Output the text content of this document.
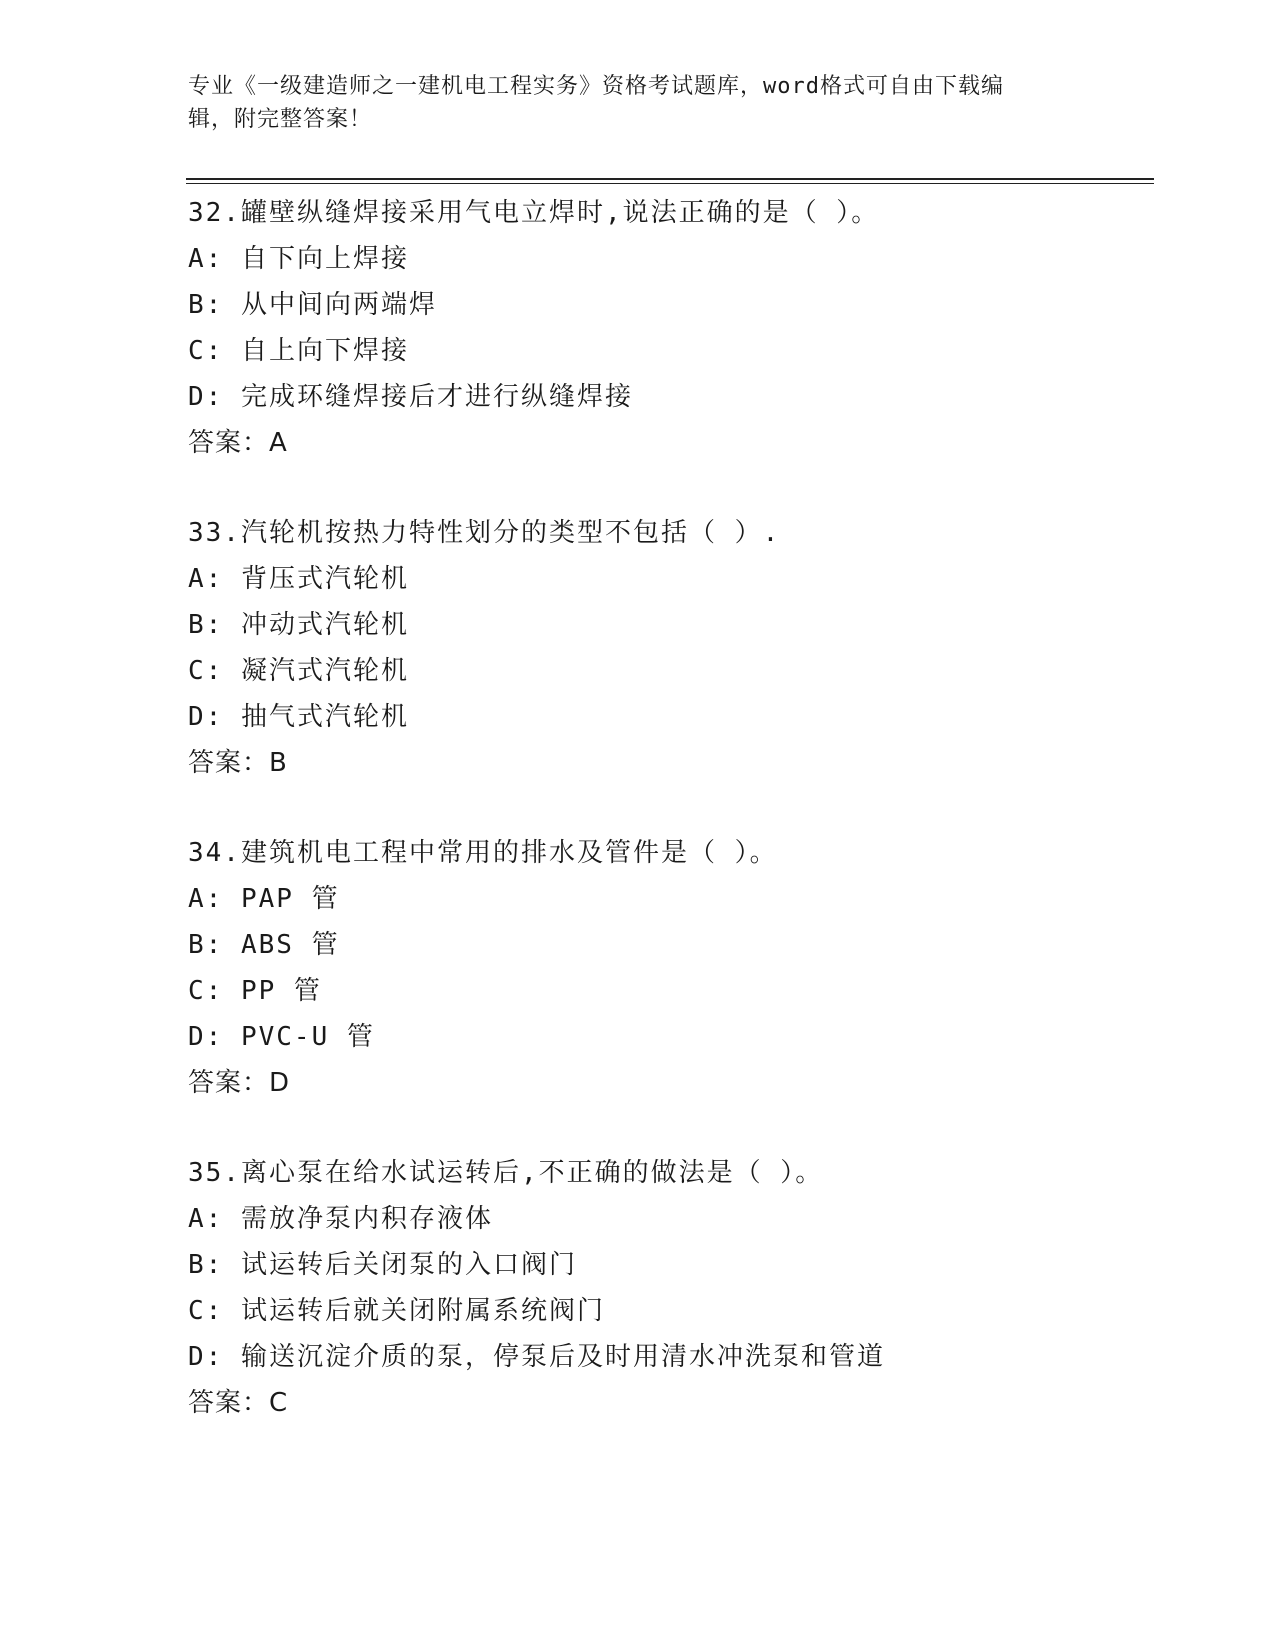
专业《一级建造师之一建机电工程实务》资格考试题库，word格式可自由下载编
辑，附完整答案！
32.罐壁纵缝焊接采用气电立焊时,说法正确的是（ ）。
A: 自下向上焊接
B: 从中间向两端焊
C: 自上向下焊接
D: 完成环缝焊接后才进行纵缝焊接
答案：A
33.汽轮机按热力特性划分的类型不包括（ ）.
A: 背压式汽轮机
B: 冲动式汽轮机
C: 凝汽式汽轮机
D: 抽气式汽轮机
答案：B
34.建筑机电工程中常用的排水及管件是（ ）。
A: PAP 管
B: ABS 管
C: PP 管
D: PVC-U 管
答案：D
35.离心泵在给水试运转后,不正确的做法是（ ）。
A: 需放净泵内积存液体
B: 试运转后关闭泵的入口阀门
C: 试运转后就关闭附属系统阀门
D: 输送沉淀介质的泵，停泵后及时用清水冲洗泵和管道
答案：C
